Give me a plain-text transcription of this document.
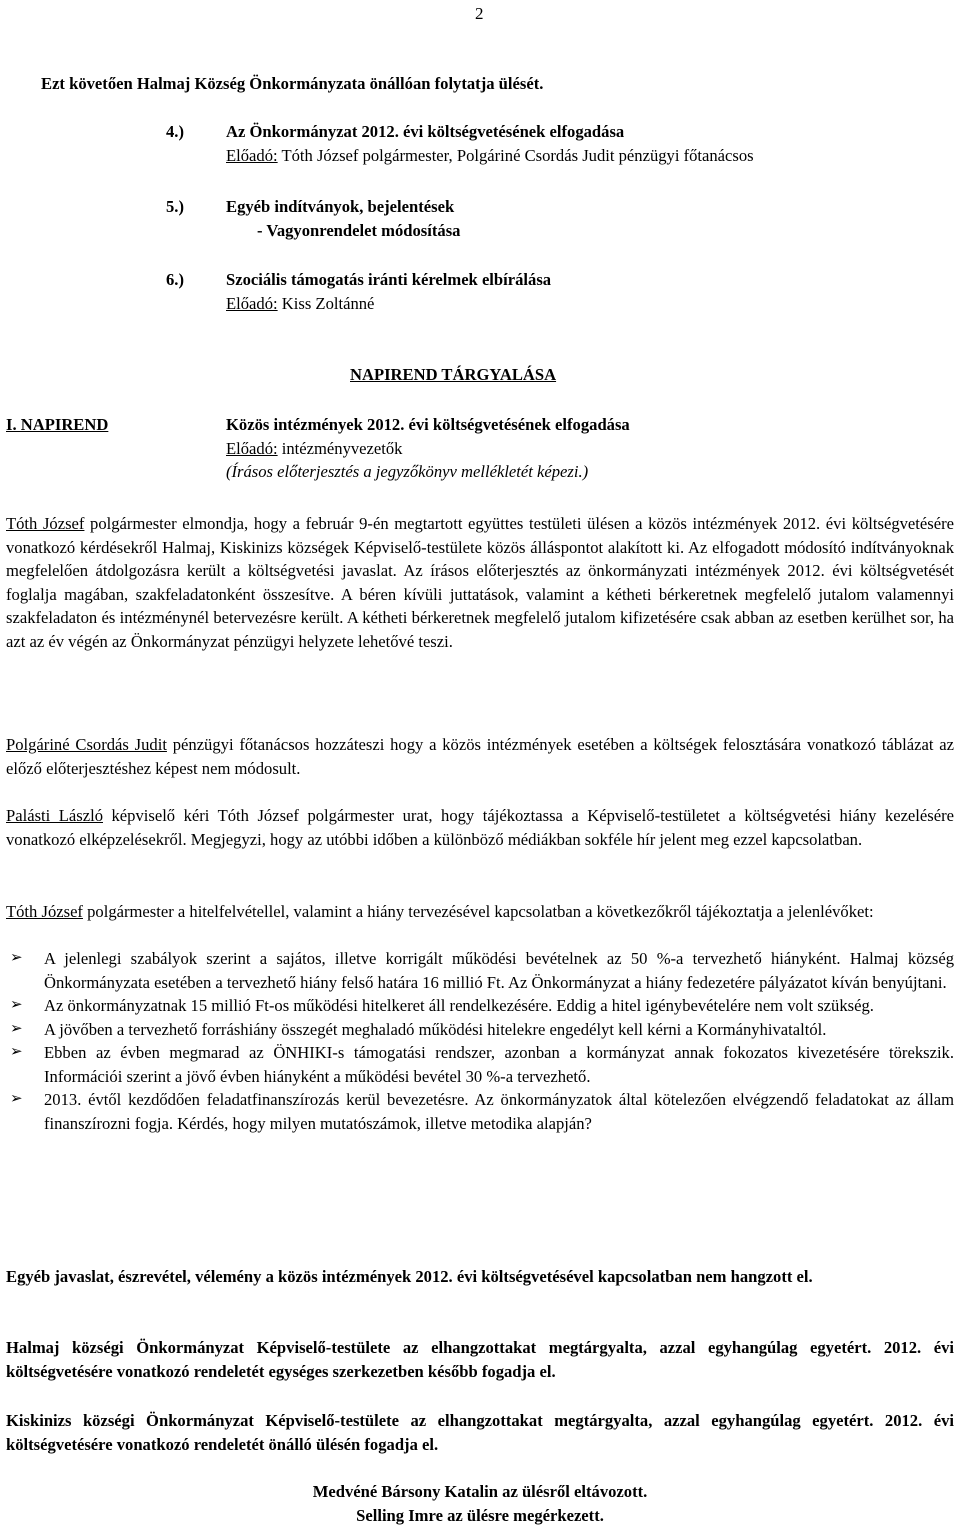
2
Ezt követően Halmaj Község Önkormányzata önállóan folytatja ülését.
4.)	Az Önkormányzat 2012. évi költségvetésének elfogadása
Előadó: Tóth József polgármester, Polgáriné Csordás Judit pénzügyi főtanácsos
5.)	Egyéb indítványok, bejelentések
- Vagyonrendelet módosítása
6.)	Szociális támogatás iránti kérelmek elbírálása
Előadó: Kiss Zoltánné
NAPIREND TÁRGYALÁSA
I. NAPIREND	Közös intézmények 2012. évi költségvetésének elfogadása
Előadó: intézményvezetők
(Írásos előterjesztés a jegyzőkönyv mellékletét képezi.)
Tóth József polgármester elmondja, hogy a február 9-én megtartott együttes testületi ülésen a közös intézmények 2012. évi költségvetésére vonatkozó kérdésekről Halmaj, Kiskinizs községek Képviselő-testülete közös álláspontot alakított ki. Az elfogadott módosító indítványoknak megfelelően átdolgozásra került a költségvetési javaslat. Az írásos előterjesztés az önkormányzati intézmények 2012. évi költségvetését foglalja magában, szakfeladatonként összesítve. A béren kívüli juttatások, valamint a kétheti bérkeretnek megfelelő jutalom valamennyi szakfeladaton és intézménynél betervezésre került. A kétheti bérkeretnek megfelelő jutalom kifizetésére csak abban az esetben kerülhet sor, ha azt az év végén az Önkormányzat pénzügyi helyzete lehetővé teszi.
Polgáriné Csordás Judit pénzügyi főtanácsos hozzáteszi hogy a közös intézmények esetében a költségek felosztására vonatkozó táblázat az előző előterjesztéshez képest nem módosult.
Palásti László képviselő kéri Tóth József polgármester urat, hogy tájékoztassa a Képviselő-testületet a költségvetési hiány kezelésére vonatkozó elképzelésekről. Megjegyzi, hogy az utóbbi időben a különböző médiákban sokféle hír jelent meg ezzel kapcsolatban.
Tóth József polgármester a hitelfelvétellel, valamint a hiány tervezésével kapcsolatban a következőkről tájékoztatja a jelenlévőket:
➢ A jelenlegi szabályok szerint a sajátos, illetve korrigált működési bevételnek az 50 %-a tervezhető hiányként. Halmaj község Önkormányzata esetében a tervezhető hiány felső határa 16 millió Ft. Az Önkormányzat a hiány fedezetére pályázatot kíván benyújtani.
➢ Az önkormányzatnak 15 millió Ft-os működési hitelkeret áll rendelkezésére. Eddig a hitel igénybevételére nem volt szükség.
➢ A jövőben a tervezhető forráshiány összegét meghaladó működési hitelekre engedélyt kell kérni a Kormányhivataltól.
➢ Ebben az évben megmarad az ÖNHIKI-s támogatási rendszer, azonban a kormányzat annak fokozatos kivezetésére törekszik. Információi szerint a jövő évben hiányként a működési bevétel 30 %-a tervezhető.
➢ 2013. évtől kezdődően feladatfinanszírozás kerül bevezetésre. Az önkormányzatok által kötelezően elvégzendő feladatokat az állam finanszírozni fogja. Kérdés, hogy milyen mutatószámok, illetve metodika alapján?
Egyéb javaslat, észrevétel, vélemény a közös intézmények 2012. évi költségvetésével kapcsolatban nem hangzott el.
Halmaj községi Önkormányzat Képviselő-testülete az elhangzottakat megtárgyalta, azzal egyhangúlag egyetért. 2012. évi költségvetésére vonatkozó rendeletét egységes szerkezetben később fogadja el.
Kiskinizs községi Önkormányzat Képviselő-testülete az elhangzottakat megtárgyalta, azzal egyhangúlag egyetért. 2012. évi költségvetésére vonatkozó rendeletét önálló ülésén fogadja el.
Medvéné Bársony Katalin az ülésről eltávozott.
Selling Imre az ülésre megérkezett.
